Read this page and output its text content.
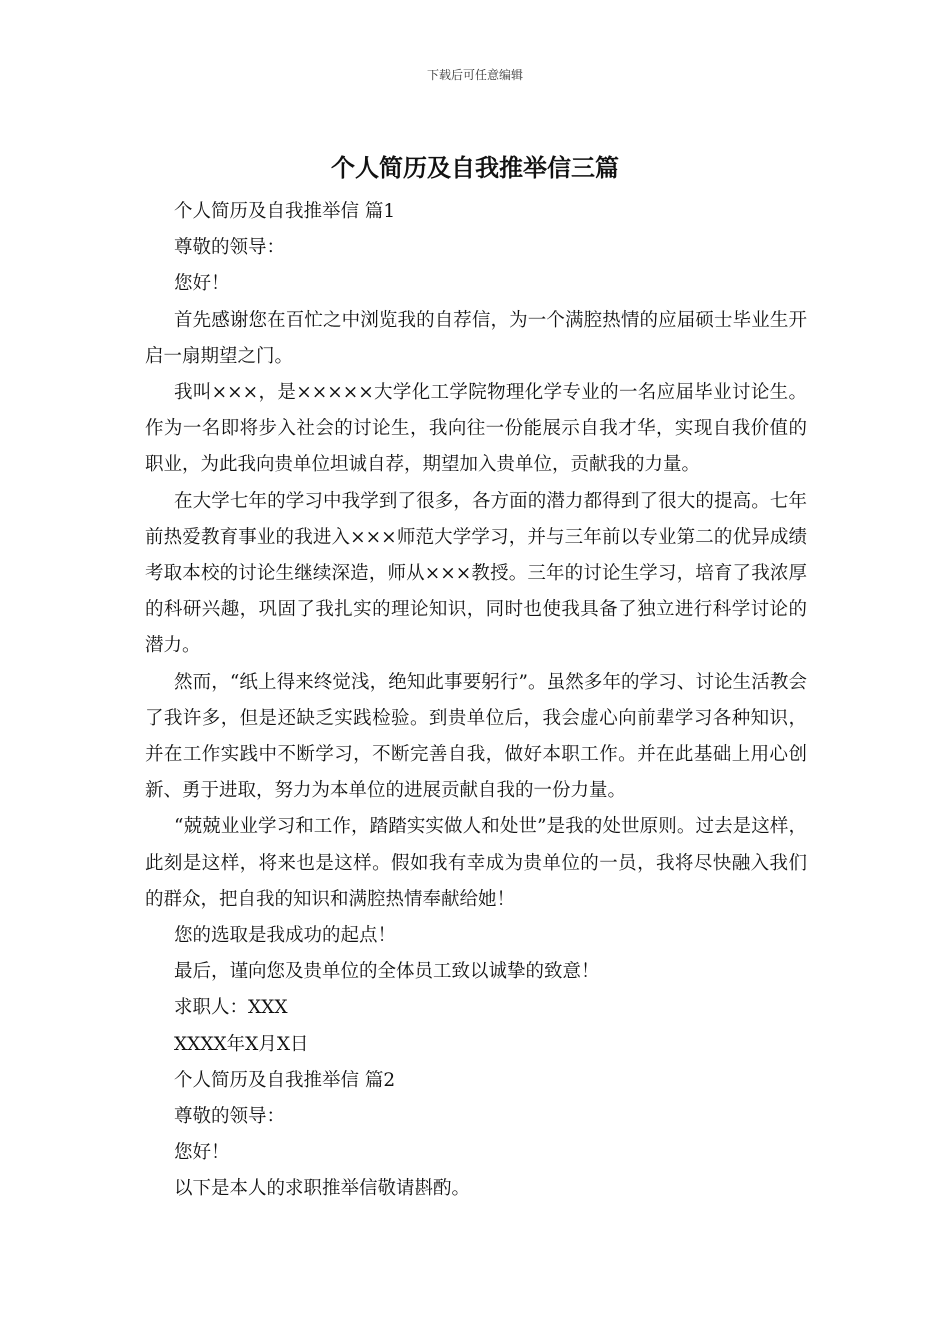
下载后可任意编辑
个人简历及自我推举信三篇

个人简历及自我推举信 篇1

尊敬的领导：

您好！

首先感谢您在百忙之中浏览我的自荐信，为一个满腔热情的应届硕士毕业生开启一扇期望之门。

我叫×××，是×××××大学化工学院物理化学专业的一名应届毕业讨论生。作为一名即将步入社会的讨论生，我向往一份能展示自我才华，实现自我价值的职业，为此我向贵单位坦诚自荐，期望加入贵单位，贡献我的力量。

在大学七年的学习中我学到了很多，各方面的潜力都得到了很大的提高。七年前热爱教育事业的我进入×××师范大学学习，并与三年前以专业第二的优异成绩考取本校的讨论生继续深造，师从×××教授。三年的讨论生学习，培育了我浓厚的科研兴趣，巩固了我扎实的理论知识，同时也使我具备了独立进行科学讨论的潜力。

然而，“纸上得来终觉浅，绝知此事要躬行”。虽然多年的学习、讨论生活教会了我许多，但是还缺乏实践检验。到贵单位后，我会虚心向前辈学习各种知识，并在工作实践中不断学习，不断完善自我，做好本职工作。并在此基础上用心创新、勇于进取，努力为本单位的进展贡献自我的一份力量。

“兢兢业业学习和工作，踏踏实实做人和处世”是我的处世原则。过去是这样，此刻是这样，将来也是这样。假如我有幸成为贵单位的一员，我将尽快融入我们的群众，把自我的知识和满腔热情奉献给她！

您的选取是我成功的起点！

最后，谨向您及贵单位的全体员工致以诚挚的致意！

求职人：XXX

XXXX年X月X日

个人简历及自我推举信 篇2

尊敬的领导：

您好！

以下是本人的求职推举信敬请斟酌。
